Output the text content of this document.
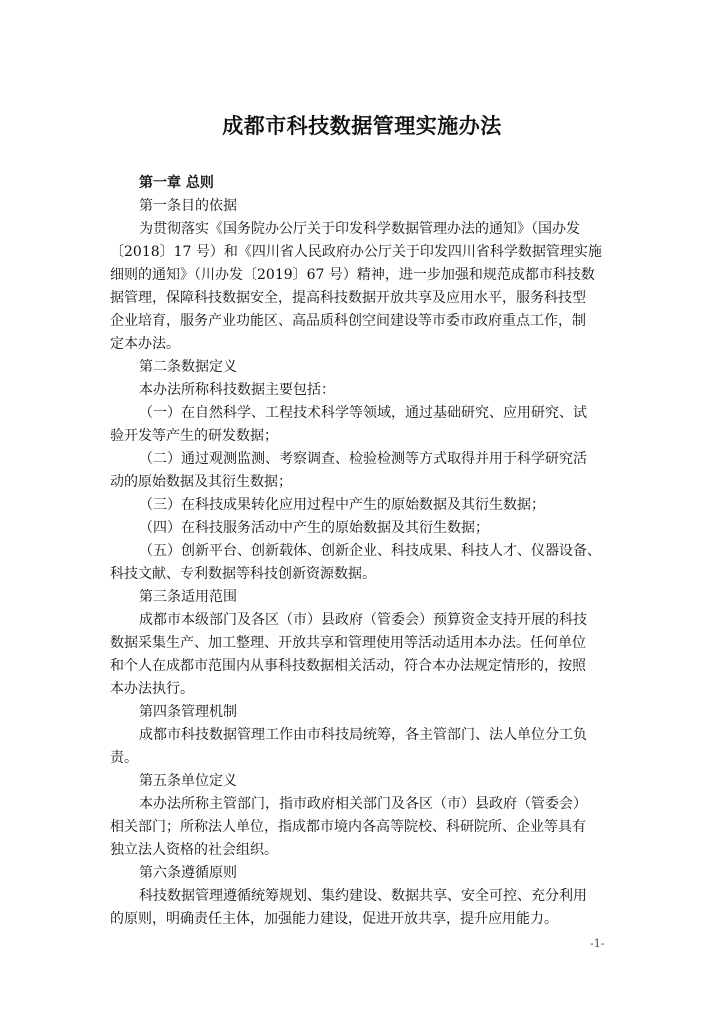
成都市科技数据管理实施办法
第一章 总则
第一条目的依据
为贯彻落实《国务院办公厅关于印发科学数据管理办法的通知》（国办发
〔2018〕17 号）和《四川省人民政府办公厅关于印发四川省科学数据管理实施
细则的通知》（川办发〔2019〕67 号）精神，进一步加强和规范成都市科技数
据管理，保障科技数据安全，提高科技数据开放共享及应用水平，服务科技型
企业培育，服务产业功能区、高品质科创空间建设等市委市政府重点工作，制
定本办法。
第二条数据定义
本办法所称科技数据主要包括：
（一）在自然科学、工程技术科学等领域，通过基础研究、应用研究、试
验开发等产生的研发数据；
（二）通过观测监测、考察调查、检验检测等方式取得并用于科学研究活
动的原始数据及其衍生数据；
（三）在科技成果转化应用过程中产生的原始数据及其衍生数据；
（四）在科技服务活动中产生的原始数据及其衍生数据；
（五）创新平台、创新载体、创新企业、科技成果、科技人才、仪器设备、
科技文献、专利数据等科技创新资源数据。
第三条适用范围
成都市本级部门及各区（市）县政府（管委会）预算资金支持开展的科技
数据采集生产、加工整理、开放共享和管理使用等活动适用本办法。任何单位
和个人在成都市范围内从事科技数据相关活动，符合本办法规定情形的，按照
本办法执行。
第四条管理机制
成都市科技数据管理工作由市科技局统筹，各主管部门、法人单位分工负
责。
第五条单位定义
本办法所称主管部门，指市政府相关部门及各区（市）县政府（管委会）
相关部门；所称法人单位，指成都市境内各高等院校、科研院所、企业等具有
独立法人资格的社会组织。
第六条遵循原则
科技数据管理遵循统筹规划、集约建设、数据共享、安全可控、充分利用
的原则，明确责任主体，加强能力建设，促进开放共享，提升应用能力。
-1-
